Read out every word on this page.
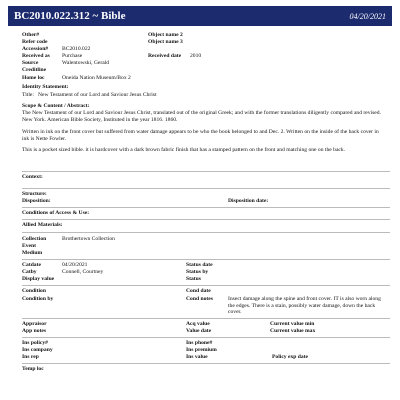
BC2010.022.312 ~ Bible	04/20/2021
Other#	Object name 2
Refer code	Object name 3
Accession# BC2010.022
Received as Purchase	Received date 2010
Source	Walentowski, Gerald
Creditline
Home loc	Oneida Nation Museum/Box 2
Identity Statement:
Title: New Testament of our Lord and Saviour Jesus Christ
Scope & Content / Abstract:
The New Testament of our Lord and Saviour Jesus Christ, translated out of the original Greek; and with the former translations diligently compared and revised. New York. American Bible Society, Instituted in the year 1816. 1860.
Written in ink on the front cover but suffered from water damage appears to be who the book belonged to and Dec. 2. Written on the inside of the back cover in ink is Nette Fowler.
This is a pocket sized bible. it is hardcover with a dark brown fabric finish that has a stamped pattern on the front and matching one on the back.
Context:
Structure:
Disposition:	Disposition date:
Conditions of Access & Use:
Allied Materials:
Collection	Brothertown Collection
Event
Medium
Catdate	04/20/2021	Status date
Catby	Connell, Courtney	Status by
Display value	Status
Condition	Cond date
Condition by	Cond notes	Insect damage along the spine and front cover. IT is also worn along the edges. There is a stain, possibly water damage, down the back cover.
Appraisor	Acq value	Current value min
App notes	Value date	Current value max
Ins policy#	Ins phone#
Ins company	Ins premium
Ins rep	Ins value	Policy exp date
Temp loc
